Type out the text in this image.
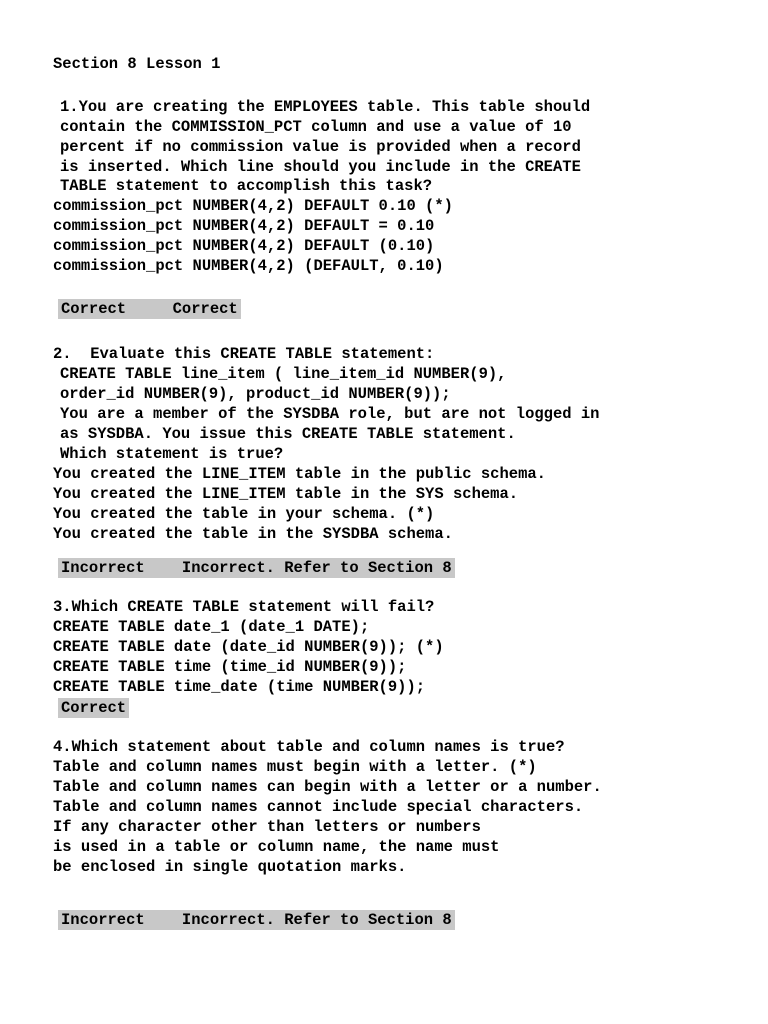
Section 8 Lesson 1
1.You are creating the EMPLOYEES table. This table should
contain the COMMISSION_PCT column and use a value of 10
percent if no commission value is provided when a record
is inserted. Which line should you include in the CREATE
TABLE statement to accomplish this task?
commission_pct NUMBER(4,2) DEFAULT 0.10 (*)
commission_pct NUMBER(4,2) DEFAULT = 0.10
commission_pct NUMBER(4,2) DEFAULT (0.10)
commission_pct NUMBER(4,2) (DEFAULT, 0.10)
Correct     Correct
2.  Evaluate this CREATE TABLE statement:
CREATE TABLE line_item ( line_item_id NUMBER(9),
order_id NUMBER(9), product_id NUMBER(9));
You are a member of the SYSDBA role, but are not logged in
as SYSDBA. You issue this CREATE TABLE statement.
Which statement is true?
You created the LINE_ITEM table in the public schema.
You created the LINE_ITEM table in the SYS schema.
You created the table in your schema. (*)
You created the table in the SYSDBA schema.
Incorrect    Incorrect. Refer to Section 8
3.Which CREATE TABLE statement will fail?
CREATE TABLE date_1 (date_1 DATE);
CREATE TABLE date (date_id NUMBER(9)); (*)
CREATE TABLE time (time_id NUMBER(9));
CREATE TABLE time_date (time NUMBER(9));
Correct
4.Which statement about table and column names is true?
Table and column names must begin with a letter. (*)
Table and column names can begin with a letter or a number.
Table and column names cannot include special characters.
If any character other than letters or numbers
is used in a table or column name, the name must
be enclosed in single quotation marks.
Incorrect    Incorrect. Refer to Section 8
